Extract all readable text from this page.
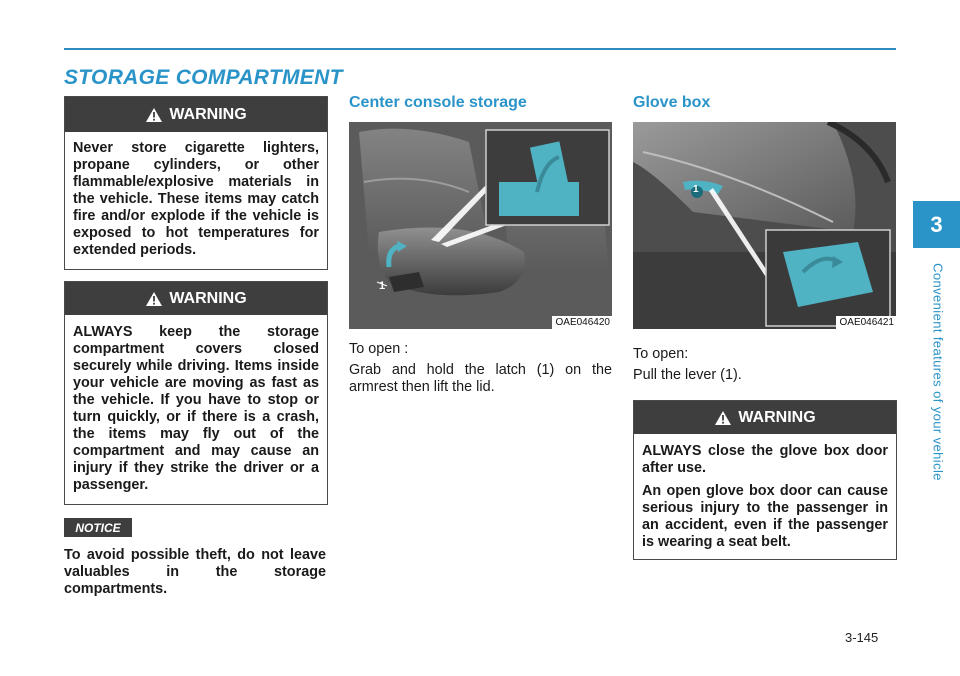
STORAGE COMPARTMENT
WARNING

Never store cigarette lighters, propane cylinders, or other flammable/explosive materials in the vehicle. These items may catch fire and/or explode if the vehicle is exposed to hot temperatures for extended periods.

WARNING

ALWAYS keep the storage compartment covers closed securely while driving. Items inside your vehicle are moving as fast as the vehicle. If you have to stop or turn quickly, or if there is a crash, the items may fly out of the compartment and may cause an injury if they strike the driver or a passenger.

NOTICE

To avoid possible theft, do not leave valuables in the storage compartments.

Center console storage
1
OAE046420

To open :

Grab and hold the latch (1) on the armrest then lift the lid.

Glove box
1
OAE046421

To open:

Pull the lever (1).

WARNING

ALWAYS close the glove box door after use.

An open glove box door can cause serious injury to the passenger in an accident, even if the passenger is wearing a seat belt.

3
Convenient features of your vehicle
3-145
